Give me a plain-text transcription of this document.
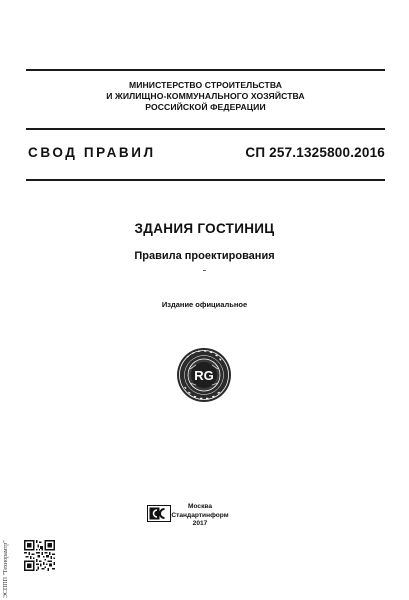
МИНИСТЕРСТВО СТРОИТЕЛЬСТВА
И ЖИЛИЩНО-КОММУНАЛЬНОГО ХОЗЯЙСТВА
РОССИЙСКОЙ ФЕДЕРАЦИИ
СВОД ПРАВИЛ	СП 257.1325800.2016
ЗДАНИЯ ГОСТИНИЦ
Правила проектирования
Издание официальное
RG
Москва
Стандартинформ
2017
ЭСППП "Технорамтр"
